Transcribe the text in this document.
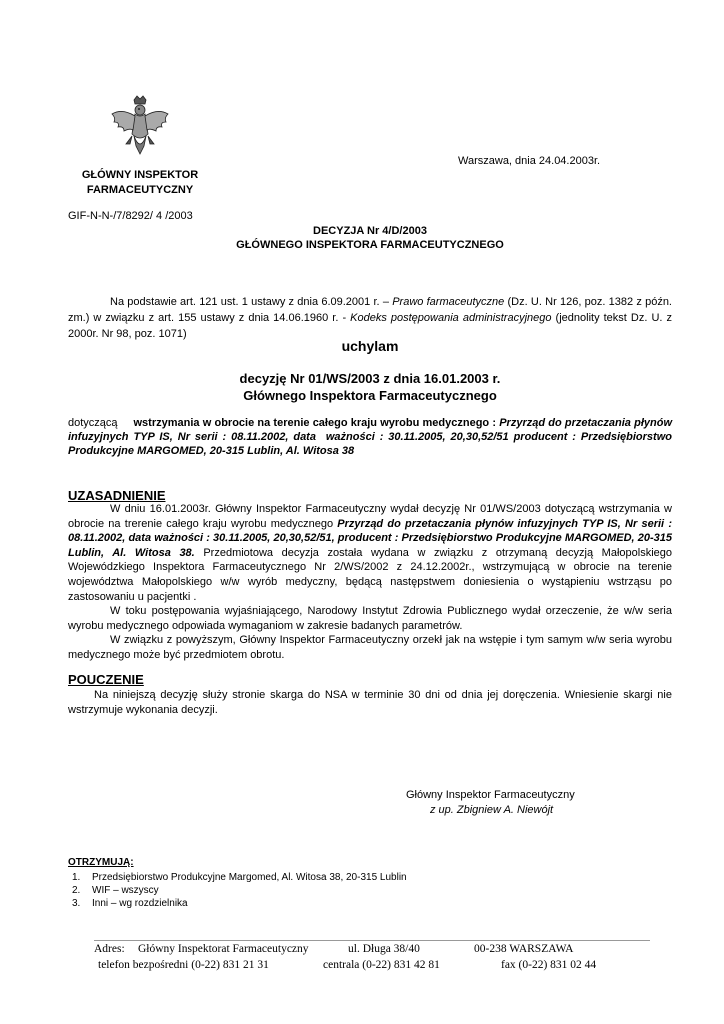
GŁÓWNY INSPEKTOR
FARMACEUTYCZNY
Warszawa, dnia 24.04.2003r.
GIF-N-N-/7/8292/ 4 /2003
DECYZJA Nr 4/D/2003
GŁÓWNEGO INSPEKTORA FARMACEUTYCZNEGO

Na podstawie art. 121 ust. 1 ustawy z dnia 6.09.2001 r. – Prawo farmaceutyczne (Dz. U. Nr 126, poz. 1382 z późn. zm.) w związku z art. 155 ustawy z dnia 14.06.1960 r. - Kodeks postępowania administracyjnego (jednolity tekst Dz. U. z 2000r. Nr 98, poz. 1071)

uchylam
decyzję Nr 01/WS/2003 z dnia 16.01.2003 r.
Głównego Inspektora Farmaceutycznego

dotyczącą     wstrzymania w obrocie na terenie całego kraju wyrobu medycznego : Przyrząd do przetaczania płynów infuzyjnych TYP IS, Nr serii : 08.11.2002, data  ważności : 30.11.2005, 20,30,52/51 producent : Przedsiębiorstwo Produkcyjne MARGOMED, 20-315 Lublin, Al. Witosa 38

UZASADNIENIE

W dniu 16.01.2003r. Główny Inspektor Farmaceutyczny wydał decyzję Nr 01/WS/2003 dotyczącą wstrzymania w obrocie na trerenie całego kraju wyrobu medycznego Przyrząd do przetaczania płynów infuzyjnych TYP IS, Nr serii : 08.11.2002, data ważności : 30.11.2005, 20,30,52/51, producent : Przedsiębiorstwo Produkcyjne MARGOMED, 20-315 Lublin, Al. Witosa 38. Przedmiotowa decyzja została wydana w związku z otrzymaną decyzją Małopolskiego Wojewódzkiego Inspektora Farmaceutycznego Nr 2/WS/2002 z 24.12.2002r., wstrzymującą w obrocie na terenie województwa Małopolskiego w/w wyrób medyczny, będącą następstwem doniesienia o wystąpieniu wstrząsu po zastosowaniu u pacjentki .

W toku postępowania wyjaśniającego, Narodowy Instytut Zdrowia Publicznego wydał orzeczenie, że w/w seria wyrobu medycznego odpowiada wymaganiom w zakresie badanych parametrów.

W związku z powyższym, Główny Inspektor Farmaceutyczny orzekł jak na wstępie i tym samym w/w seria wyrobu medycznego może być przedmiotem obrotu.

POUCZENIE

Na niniejszą decyzję służy stronie skarga do NSA w terminie 30 dni od dnia jej doręczenia. Wniesienie skargi nie wstrzymuje wykonania decyzji.

Główny Inspektor Farmaceutyczny
z up. Zbigniew A. Niewójt
OTRZYMUJĄ:
1. Przedsiębiorstwo Produkcyjne Margomed, Al. Witosa 38, 20-315 Lublin
2. WIF – wszyscy
3. Inni – wg rozdzielnika
Adres: Główny Inspektorat Farmaceutyczny	ul. Długa 38/40	00-238 WARSZAWA
telefon bezpośredni (0-22) 831 21 31	centrala (0-22) 831 42 81	fax (0-22) 831 02 44
